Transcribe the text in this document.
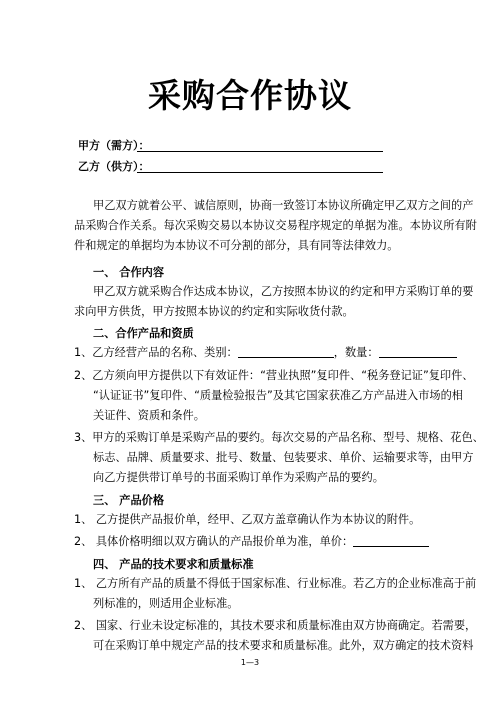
采购合作协议
甲方（需方）：
乙方（供方）：
甲乙双方就着公平、诚信原则，协商一致签订本协议所确定甲乙双方之间的产
品采购合作关系。每次采购交易以本协议交易程序规定的单据为准。本协议所有附
件和规定的单据均为本协议不可分割的部分，具有同等法律效力。
一、 合作内容
甲乙双方就采购合作达成本协议，乙方按照本协议的约定和甲方采购订单的要
求向甲方供货，甲方按照本协议的约定和实际收货付款。
二、合作产品和资质
1、乙方经营产品的名称、类别：	，数量：
2、乙方须向甲方提供以下有效证件：“营业执照”复印件、“税务登记证”复印件、
“认证证书”复印件、“质量检验报告”及其它国家获准乙方产品进入市场的相
关证件、资质和条件。
3、甲方的采购订单是采购产品的要约。每次交易的产品名称、型号、规格、花色、
标志、品牌、质量要求、批号、数量、包装要求、单价、运输要求等，由甲方
向乙方提供带订单号的书面采购订单作为采购产品的要约。
三、 产品价格
1、 乙方提供产品报价单，经甲、乙双方盖章确认作为本协议的附件。
2、 具体价格明细以双方确认的产品报价单为准，单价：
四、 产品的技术要求和质量标准
1、 乙方所有产品的质量不得低于国家标准、行业标准。若乙方的企业标准高于前
列标准的，则适用企业标准。
2、 国家、行业未设定标准的，其技术要求和质量标准由双方协商确定。若需要，
可在采购订单中规定产品的技术要求和质量标准。此外，双方确定的技术资料
1—3
